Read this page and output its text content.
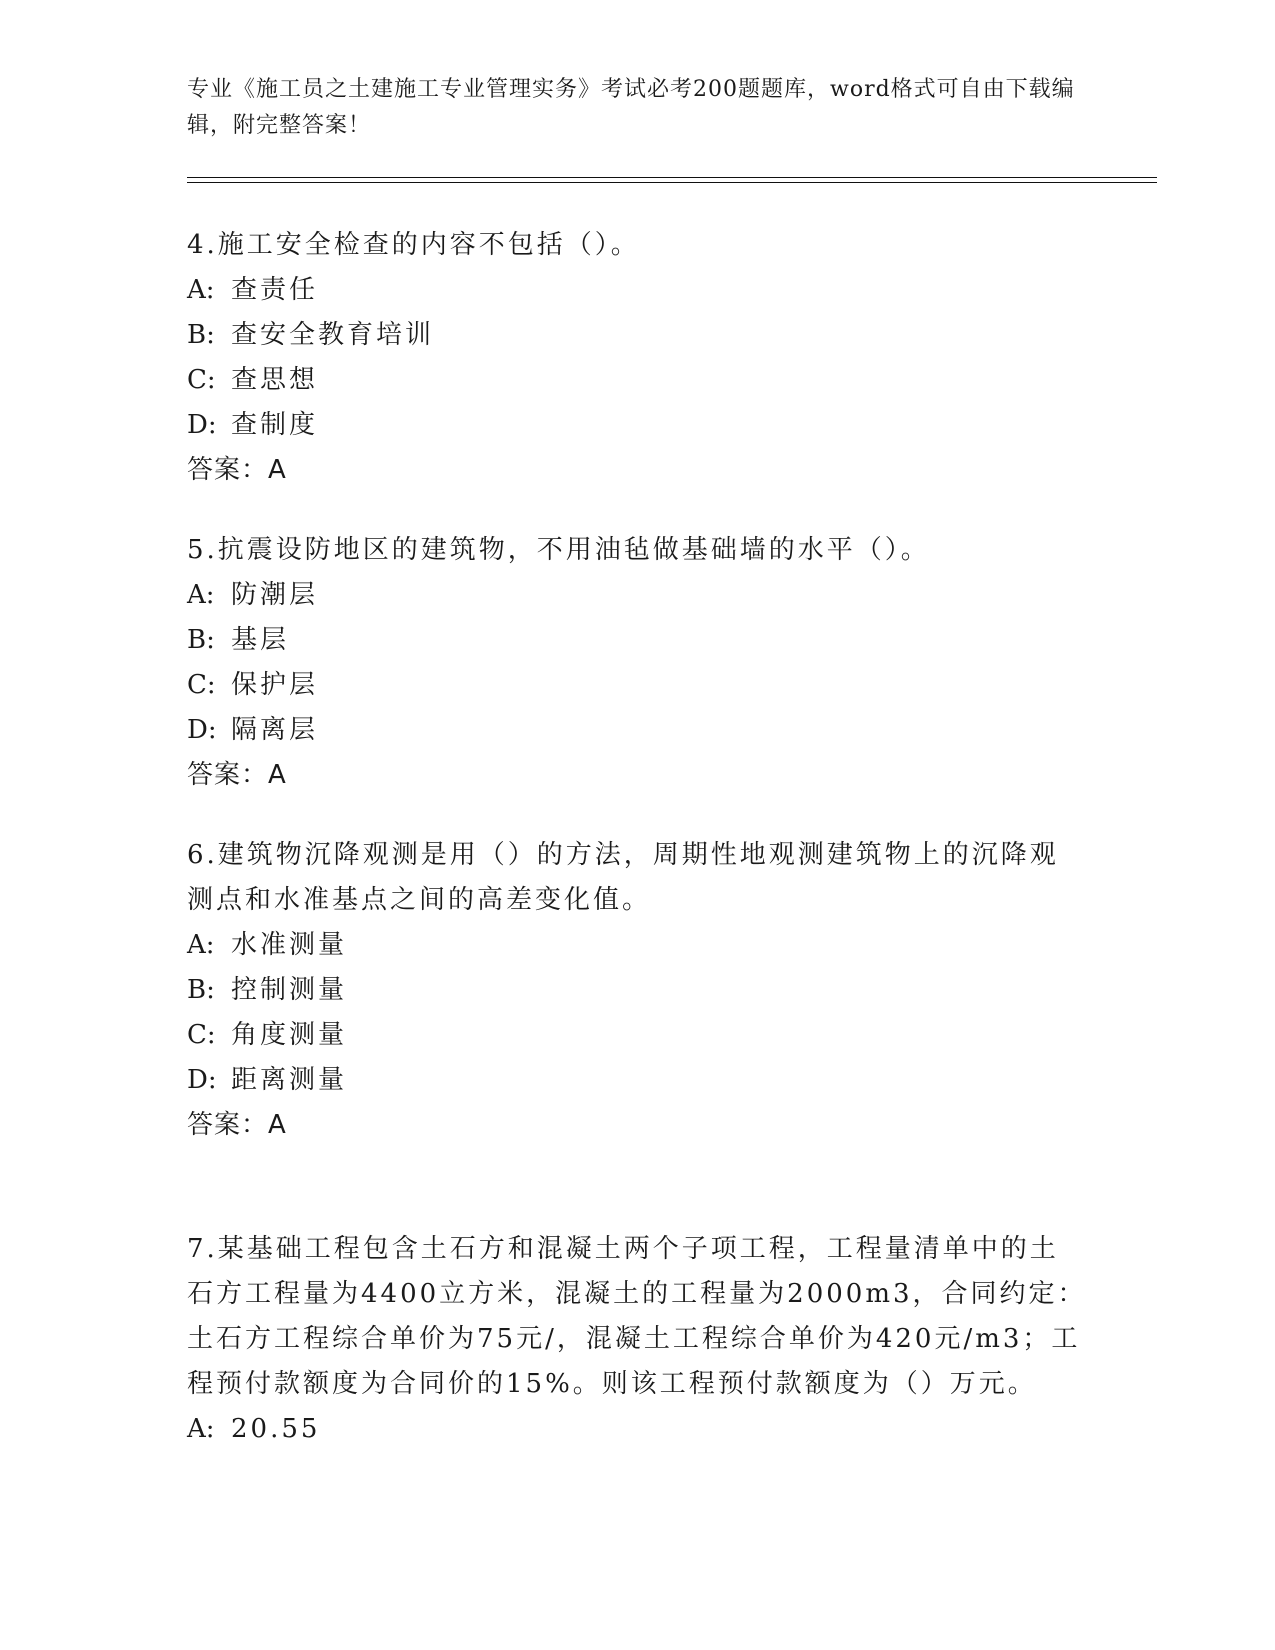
专业《施工员之土建施工专业管理实务》考试必考200题题库，word格式可自由下载编辑，附完整答案！

4.施工安全检查的内容不包括（）。

A: 查责任

B: 查安全教育培训

C: 查思想

D: 查制度

答案：A

5.抗震设防地区的建筑物，不用油毡做基础墙的水平（）。

A: 防潮层

B: 基层

C: 保护层

D: 隔离层

答案：A

6.建筑物沉降观测是用（）的方法，周期性地观测建筑物上的沉降观测点和水准基点之间的高差变化值。

A: 水准测量

B: 控制测量

C: 角度测量

D: 距离测量

答案：A

7.某基础工程包含土石方和混凝土两个子项工程，工程量清单中的土石方工程量为4400立方米，混凝土的工程量为2000m3，合同约定：土石方工程综合单价为75元/，混凝土工程综合单价为420元/m3；工程预付款额度为合同价的15%。则该工程预付款额度为（）万元。

A: 20.55
